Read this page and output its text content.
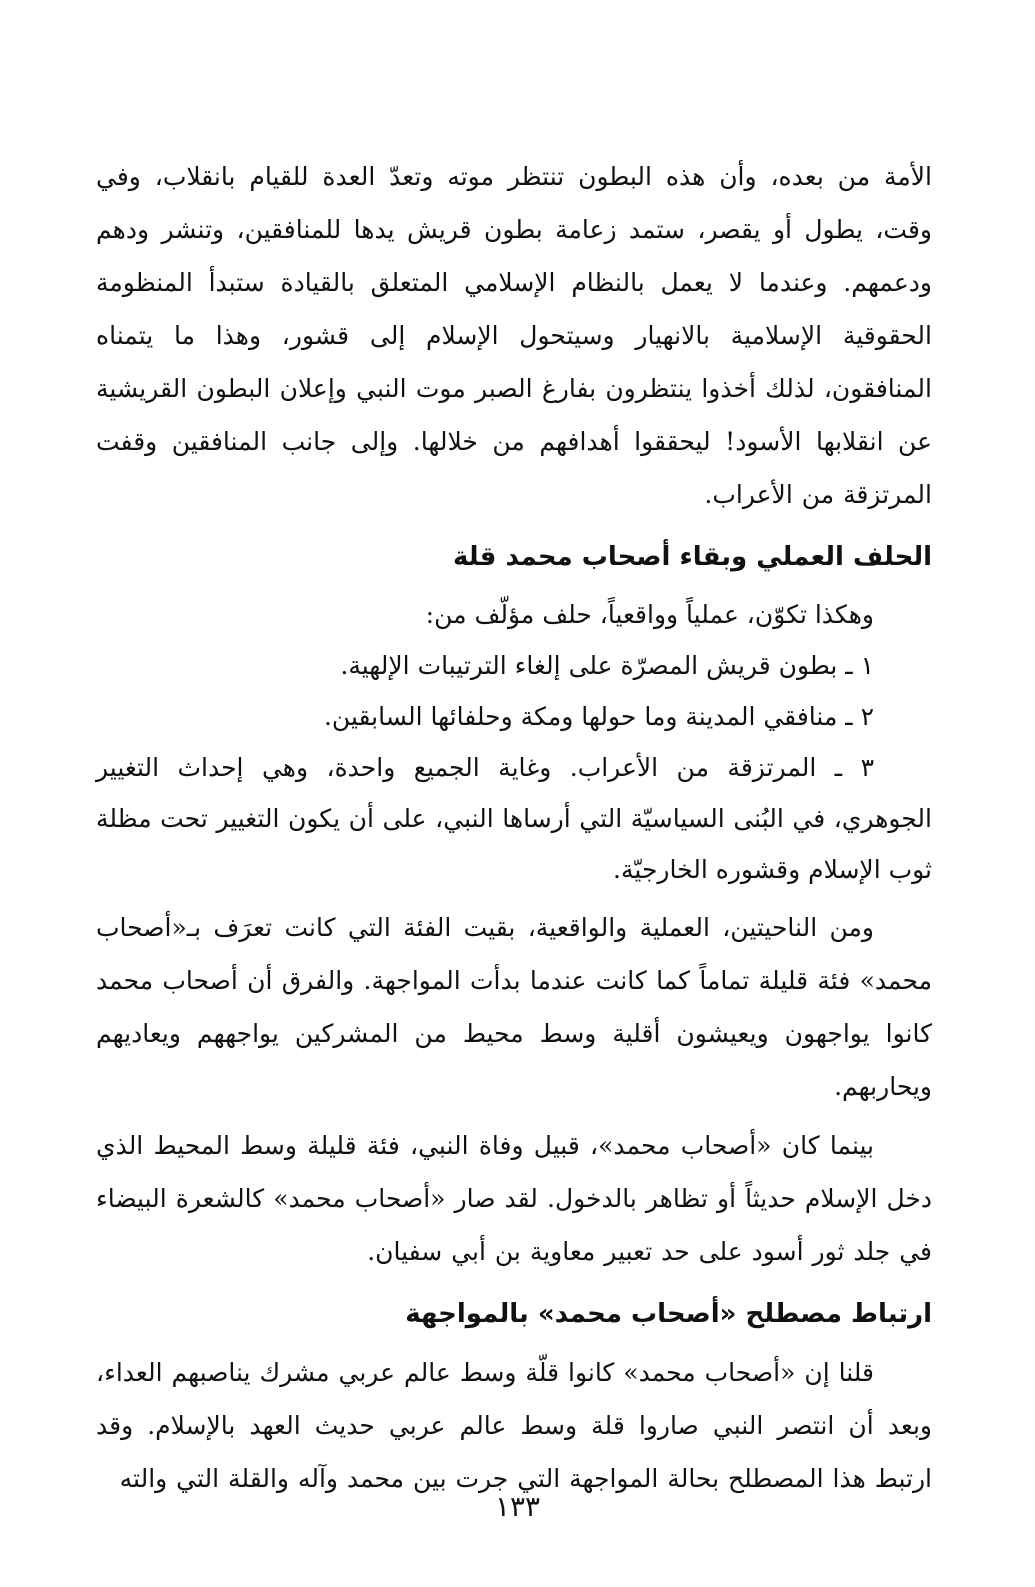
الأمة من بعده، وأن هذه البطون تنتظر موته وتعدّ العدة للقيام بانقلاب، وفي وقت، يطول أو يقصر، ستمد زعامة بطون قريش يدها للمنافقين، وتنشر ودهم ودعمهم. وعندما لا يعمل بالنظام الإسلامي المتعلق بالقيادة ستبدأ المنظومة الحقوقية الإسلامية بالانهيار وسيتحول الإسلام إلى قشور، وهذا ما يتمناه المنافقون، لذلك أخذوا ينتظرون بفارغ الصبر موت النبي وإعلان البطون القريشية عن انقلابها الأسود! ليحققوا أهدافهم من خلالها. وإلى جانب المنافقين وقفت المرتزقة من الأعراب.

الحلف العملي وبقاء أصحاب محمد قلة

وهكذا تكوّن، عملياً وواقعياً، حلف مؤلّف من:

١ ـ بطون قريش المصرّة على إلغاء الترتيبات الإلهية.

٢ ـ منافقي المدينة وما حولها ومكة وحلفائها السابقين.

٣ ـ المرتزقة من الأعراب. وغاية الجميع واحدة، وهي إحداث التغيير الجوهري، في البُنى السياسيّة التي أرساها النبي، على أن يكون التغيير تحت مظلة ثوب الإسلام وقشوره الخارجيّة.

ومن الناحيتين، العملية والواقعية، بقيت الفئة التي كانت تعرَف بـ«أصحاب محمد» فئة قليلة تماماً كما كانت عندما بدأت المواجهة. والفرق أن أصحاب محمد كانوا يواجهون ويعيشون أقلية وسط محيط من المشركين يواجههم ويعاديهم ويحاربهم.

بينما كان «أصحاب محمد»، قبيل وفاة النبي، فئة قليلة وسط المحيط الذي دخل الإسلام حديثاً أو تظاهر بالدخول. لقد صار «أصحاب محمد» كالشعرة البيضاء في جلد ثور أسود على حد تعبير معاوية بن أبي سفيان.

ارتباط مصطلح «أصحاب محمد» بالمواجهة

قلنا إن «أصحاب محمد» كانوا قلّة وسط عالم عربي مشرك يناصبهم العداء، وبعد أن انتصر النبي صاروا قلة وسط عالم عربي حديث العهد بالإسلام. وقد ارتبط هذا المصطلح بحالة المواجهة التي جرت بين محمد وآله والقلة التي والته

١٣٣
